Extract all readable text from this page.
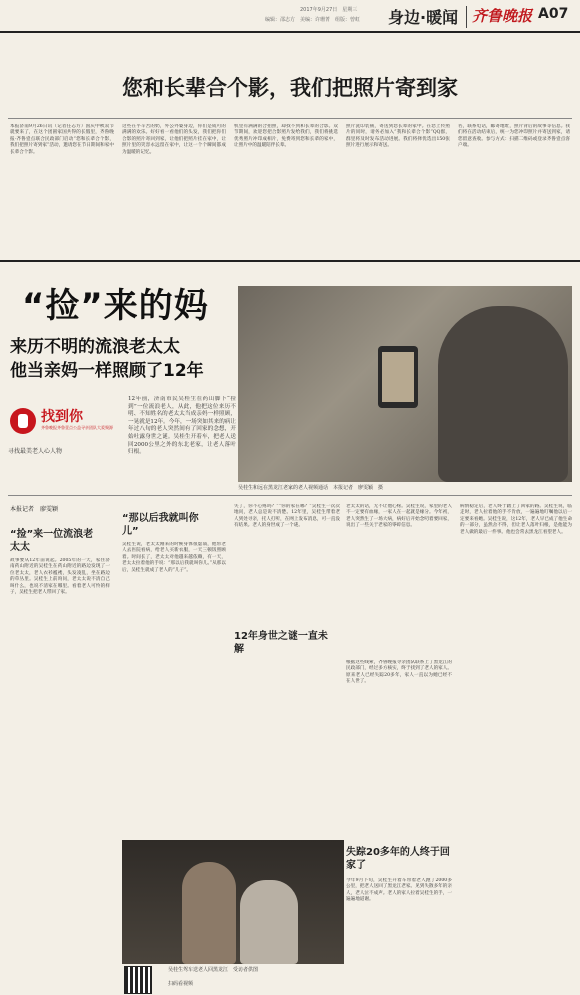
2017年9月27日　星期三
编辑：邵志方　美编：许珊菁　组版：曾虹 身边·暖闻 齐鲁晚报 A07
您和长辈合个影，我们把照片寄到家
本报济南9月26日讯（记者任志方）国庆中秋双节就要来了，在这个团圆家国共得的长假里，齐鲁晚报·齐鲁壹点联合民政部门启动“您和长辈合个影，我们把照片寄到家”活动，邀请您在节日期间和家中长辈合个影。
这些在乎辛苦的奶，外公外婆身边，你们是成可的满满的欢乐。好好看一看他们的头发，我们把你们合影的照片寄回到家，让他们把照片挂在家中，让照片里的笑容永远留在家中，让这一个个瞬间都成为温暖的记忆。
机里有满满的合拍照，却找不到和长辈的合影。双节期间，欢迎您把合影照片发给我们，我们将挑选优秀照片冲印成相片，免费寄到您和长辈的家中，让照片中的温暖陪伴长辈。
照片洗印装裱，寄送到您长辈的家中。在您上传照片的同时，请务必加入“我和长辈合个影”QQ群，群里将及时发布活动进展。我们将择优选出150张照片进行展示和寄送。
名，联系电话，邮寄地址，照片背后的故事等信息。我们将在活动结束后，统一为您冲印照片并寄送到家，请您留意查收。参与方式：扫描二维码或登录齐鲁壹点客户端。
“捡”来的妈
来历不明的流浪老太太
他当亲妈一样照顾了12年
找到你
齐鲁晚报齐鲁壹点公益寻亲团队大爱聚源
寻找最美老人心人物
12年前，济南市民吴桂生在药山脚下“捡到”一位流浪老人，从此，他把这位来历不明、不知姓名的老太太当成亲妈一样照顾，一晃就是12年。今年，一场突如其来的病让年过八旬的老人突然间有了回家的念想，开始吐露身世之谜。吴桂生开着车，把老人送回2000公里之外的东北老家，让老人落叶归根。
吴桂生和远在黑龙江老家的老人视频通话　本报记者　廖雯颖　摄
本报记者　廖雯颖
“捡”来一位流浪老太太
故事要从12年前说起。2005年的一天，家住济南药山附近的吴桂生在药山附近的路边发现了一位老太太，老人衣衫褴褛，头发凌乱，坐在路边的草丛里。吴桂生上前询问，老太太说不清自己叫什么，也说不清家在哪里。看着老人可怜的样子，吴桂生把老人带回了家。
“那以后我就叫你儿”
吴桂生说，老太太刚来的时候身体很虚弱，他带老人去医院看病，给老人买新衣服，一天三顿饭照顾着。时间长了，老太太对他越来越依赖，有一天，老太太拉着他的手说：“那以后我就叫你儿。”从那以后，吴桂生就成了老人的“儿子”。
失了，你不心疼吗？”“你的家在哪？”吴桂生一次次地问，老人总是说不清楚。12年里，吴桂生带着老人到处寻亲，托人打听，在网上发布消息，可一直没有结果。老人的身世成了一个谜。
12年身世之谜一直未解
老太太的话，无不让他心疼。吴桂生说，家里的老人不一定要有血缘，一家人在一起就是缘分。今年初，老人突然生了一场大病，病好后开始念叨着要回家，说出了一些关于老家的零碎信息。
根据这些线索，齐鲁晚报寻亲团队联系上了黑龙江的民政部门，经过多方核实，终于找到了老人的家人。原来老人已经失踪20多年，家人一直以为她已经不在人世了。
失踪20多年的人终于回家了
今年9月下旬，吴桂生开着车带着老人跑了2000多公里，把老人送回了黑龙江老家。见到失散多年的亲人，老人泣不成声。老人的家人拉着吴桂生的手，一遍遍地道谢。
病情稳定后，老人终于踏上了回家的路。吴桂生说，临走时，老人拉着他的手不肯放，一遍遍地叮嘱他以后一定要来看她。吴桂生说，这12年，老人早已成了他生命的一部分，虽然舍不得，但让老人落叶归根，是他能为老人做的最后一件事。他也会常去黑龙江看望老人。
吴桂生驾车送老人回黑龙江　受访者供图
扫码看视频
